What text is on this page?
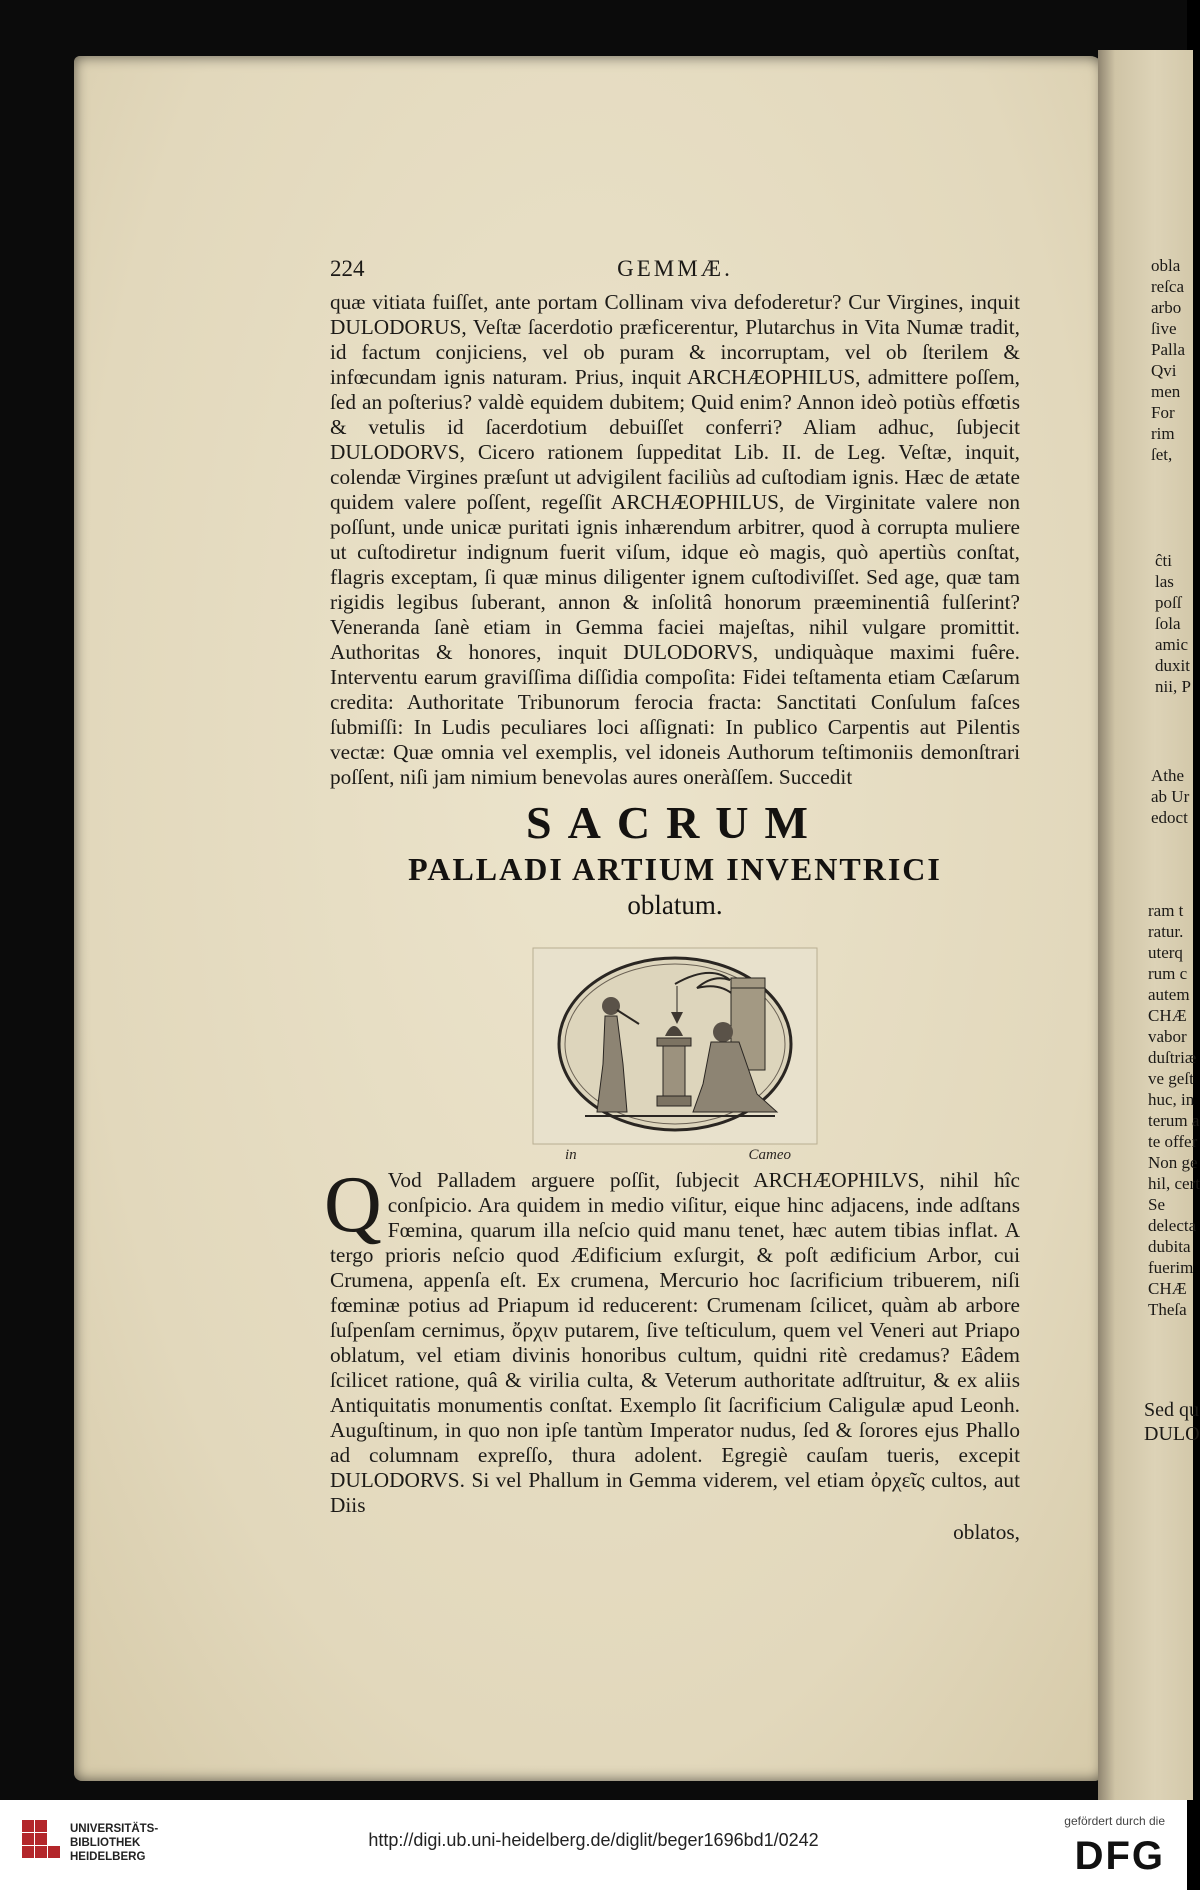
obla
reſca
arbo
ſive
Palla
Qvi
men
For
rim
ſet,
ĉti
las
poſſ
ſola
amic
duxit
nii, P
Athe
ab Ur
edoct
ram t
ratur.
uterq
rum c
autem
CHÆ
vabor
duſtriæ
ve geſt
huc, in
terum a
te offer
Non ge
hil, cert
Se
delecta
dubita
fuerim
CHÆ
Theſa
Sed qu
DULO
224	GEMMÆ.

quæ vitiata fuiſſet, ante portam Collinam viva defoderetur? Cur Virgines, inquit DULODORUS, Veſtæ ſacerdotio præficerentur, Plutarchus in Vita Numæ tradit, id factum conjiciens, vel ob puram & incorruptam, vel ob ſterilem & infœcundam ignis naturam. Prius, inquit ARCHÆOPHILUS, admittere poſſem, ſed an poſterius? valdè equidem dubitem; Quid enim? Annon ideò potiùs effœtis & vetulis id ſacerdotium debuiſſet conferri? Aliam adhuc, ſubjecit DULODORVS, Cicero rationem ſuppeditat Lib. II. de Leg. Veſtæ, inquit, colendæ Virgines præſunt ut advigilent faciliùs ad cuſtodiam ignis. Hæc de ætate quidem valere poſſent, regeſſit ARCHÆOPHILUS, de Virginitate valere non poſſunt, unde unicæ puritati ignis inhærendum arbitrer, quod à corrupta muliere ut cuſtodiretur indignum fuerit viſum, idque eò magis, quò apertiùs conſtat, flagris exceptam, ſi quæ minus diligenter ignem cuſtodiviſſet. Sed age, quæ tam rigidis legibus ſuberant, annon & inſolitâ honorum præeminentiâ fulſerint? Veneranda ſanè etiam in Gemma faciei majeſtas, nihil vulgare promittit. Authoritas & honores, inquit DULODORVS, undiquàque maximi fuêre. Interventu earum graviſſima diſſidia compoſita: Fidei teſtamenta etiam Cæſarum credita: Authoritate Tribunorum ferocia fracta: Sanctitati Conſulum faſces ſubmiſſi: In Ludis peculiares loci aſſignati: In publico Carpentis aut Pilentis vectæ: Quæ omnia vel exemplis, vel idoneis Authorum teſtimoniis demonſtrari poſſent, niſi jam nimium benevolas aures oneràſſem. Succedit

SACRUM
PALLADI ARTIUM INVENTRICI
oblatum.
in	Cameo
Q Vod Palladem arguere poſſit, ſubjecit ARCHÆOPHILVS, nihil hîc conſpicio. Ara quidem in medio viſitur, eique hinc adjacens, inde adſtans Fœmina, quarum illa neſcio quid manu tenet, hæc autem tibias inflat. A tergo prioris neſcio quod Ædificium exſurgit, & poſt ædificium Arbor, cui Crumena, appenſa eſt. Ex crumena, Mercurio hoc ſacrificium tribuerem, niſi fœminæ potius ad Priapum id reducerent: Crumenam ſcilicet, quàm ab arbore ſuſpenſam cernimus, ὄρχιν putarem, ſive teſticulum, quem vel Veneri aut Priapo oblatum, vel etiam divinis honoribus cultum, quidni ritè credamus? Eâdem ſcilicet ratione, quâ & virilia culta, & Veterum authoritate adſtruitur, & ex aliis Antiquitatis monumentis conſtat. Exemplo ſit ſacrificium Caligulæ apud Leonh. Auguſtinum, in quo non ipſe tantùm Imperator nudus, ſed & ſorores ejus Phallo ad columnam expreſſo, thura adolent. Egregiè cauſam tueris, excepit DULODORVS. Si vel Phallum in Gemma viderem, vel etiam ὀρχεῖς cultos, aut Diis

oblatos,
UNIVERSITÄTS-
BIBLIOTHEK
HEIDELBERG
http://digi.ub.uni-heidelberg.de/diglit/beger1696bd1/0242
gefördert durch die
DFG
